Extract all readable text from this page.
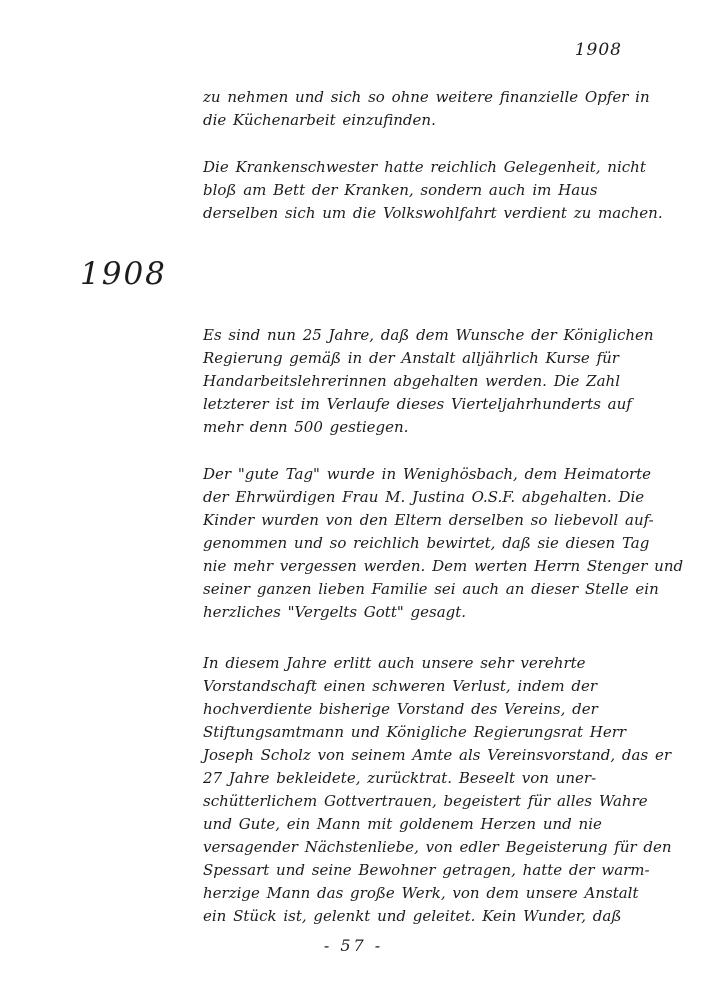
1908
1908
zu nehmen und sich so ohne weitere finanzielle Opfer in
die Küchenarbeit einzufinden.
Die Krankenschwester hatte reichlich Gelegenheit, nicht
bloß am Bett der Kranken, sondern auch im Haus
derselben sich um die Volkswohlfahrt verdient zu machen.
Es sind nun 25 Jahre, daß dem Wunsche der Königlichen
Regierung gemäß in der Anstalt alljährlich Kurse für
Handarbeitslehrerinnen abgehalten werden. Die Zahl
letzterer ist im Verlaufe dieses Vierteljahrhunderts auf
mehr denn 500 gestiegen.
Der "gute Tag" wurde in Wenighösbach, dem Heimatorte
der Ehrwürdigen Frau M. Justina O.S.F. abgehalten. Die
Kinder wurden von den Eltern derselben so liebevoll auf-
genommen und so reichlich bewirtet, daß sie diesen Tag
nie mehr vergessen werden. Dem werten Herrn Stenger und
seiner ganzen lieben Familie sei auch an dieser Stelle ein
herzliches "Vergelts Gott" gesagt.
In diesem Jahre erlitt auch unsere sehr verehrte
Vorstandschaft einen schweren Verlust, indem der
hochverdiente bisherige Vorstand des Vereins, der
Stiftungsamtmann und Königliche Regierungsrat Herr
Joseph Scholz von seinem Amte als Vereinsvorstand, das er
27 Jahre bekleidete, zurücktrat. Beseelt von uner-
schütterlichem Gottvertrauen, begeistert für alles Wahre
und Gute, ein Mann mit goldenem Herzen und nie
versagender Nächstenliebe, von edler Begeisterung für den
Spessart und seine Bewohner getragen, hatte der warm-
herzige Mann das große Werk, von dem unsere Anstalt
ein Stück ist, gelenkt und geleitet. Kein Wunder, daß
- 57 -
